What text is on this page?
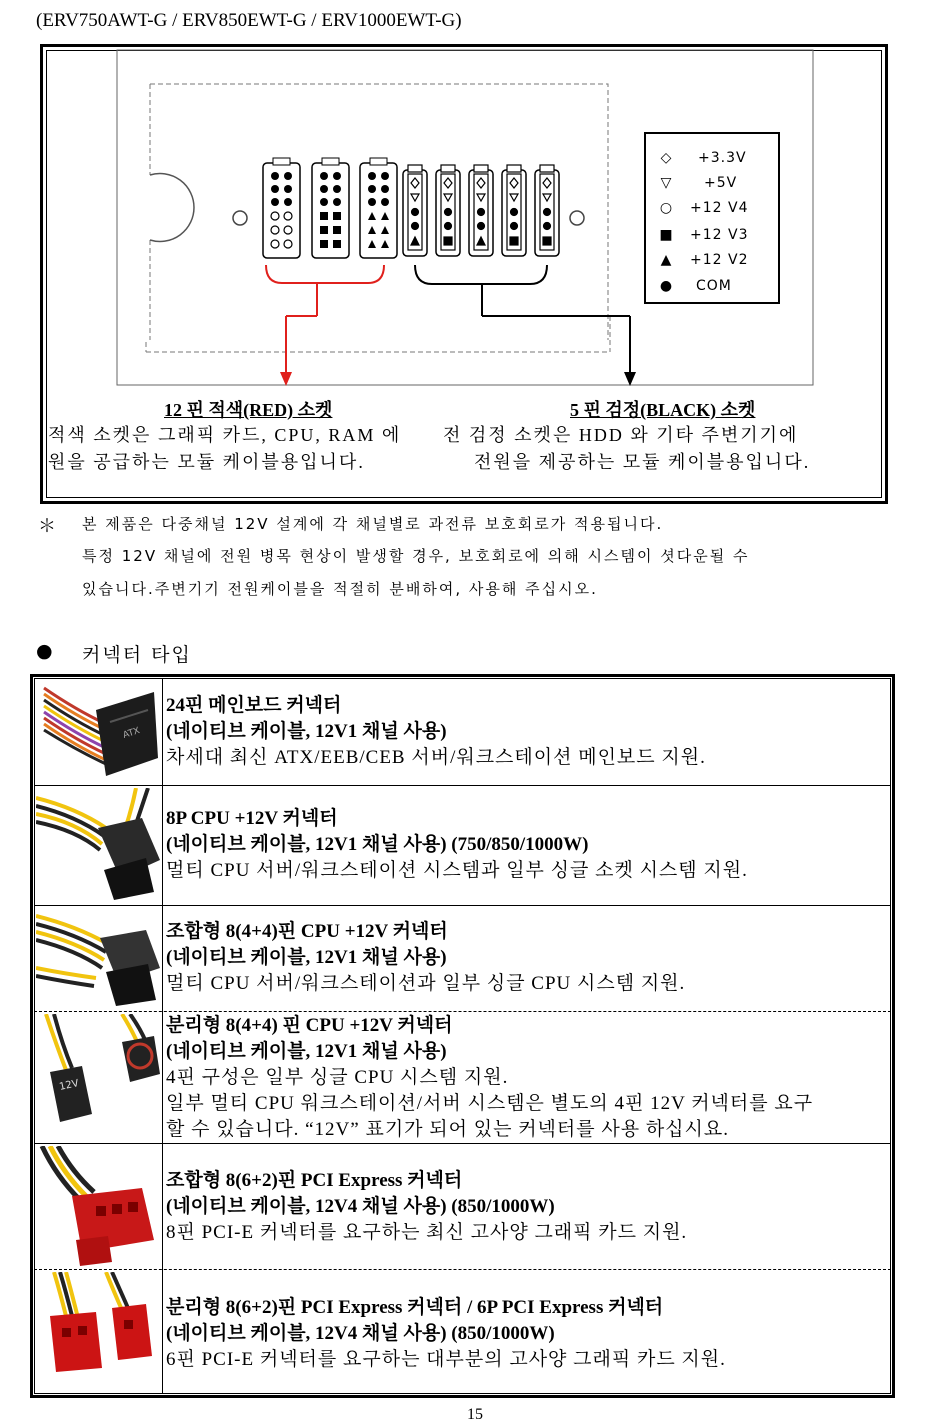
(ERV750AWT-G / ERV850EWT-G / ERV1000EWT-G)
◇	+3.3V
▽	+5V
○ +12 V4
■ +12 V3
▲	+12 V2
● COM
12 핀 적색(RED) 소켓	5 핀 검정(BLACK) 소켓
적색 소켓은 그래픽 카드, CPU, RAM 에
원을 공급하는 모듈 케이블용입니다.
전 검정 소켓은 HDD 와 기타 주변기기에
전원을 제공하는 모듈 케이블용입니다.
＊ 본 제품은 다중채널 12V 설계에 각 채널별로 과전류 보호회로가 적용됩니다.
특정 12V 채널에 전원 병목 현상이 발생할 경우, 보호회로에 의해 시스템이 셧다운될 수
있습니다.주변기기 전원케이블을 적절히 분배하여, 사용해 주십시오.
● 커넥터 타입
ATX
12V
24핀 메인보드 커넥터
(네이티브 케이블, 12V1 채널 사용)
차세대 최신 ATX/EEB/CEB 서버/워크스테이션 메인보드 지원.
8P CPU +12V 커넥터
(네이티브 케이블, 12V1 채널 사용) (750/850/1000W)
멀티 CPU 서버/워크스테이션 시스템과 일부 싱글 소켓 시스템 지원.
조합형 8(4+4)핀 CPU +12V 커넥터
(네이티브 케이블, 12V1 채널 사용)
멀티 CPU 서버/워크스테이션과 일부 싱글 CPU 시스템 지원.
분리형 8(4+4) 핀 CPU +12V 커넥터
(네이티브 케이블, 12V1 채널 사용)
4핀 구성은 일부 싱글 CPU 시스템 지원.
일부 멀티 CPU 워크스테이션/서버 시스템은 별도의 4핀 12V 커넥터를 요구
할 수 있습니다. “12V” 표기가 되어 있는 커넥터를 사용 하십시요.
조합형 8(6+2)핀 PCI Express 커넥터
(네이티브 케이블, 12V4 채널 사용) (850/1000W)
8핀 PCI-E 커넥터를 요구하는 최신 고사양 그래픽 카드 지원.
분리형 8(6+2)핀 PCI Express 커넥터 / 6P PCI Express 커넥터
(네이티브 케이블, 12V4 채널 사용) (850/1000W)
6핀 PCI-E 커넥터를 요구하는 대부분의 고사양 그래픽 카드 지원.
15
